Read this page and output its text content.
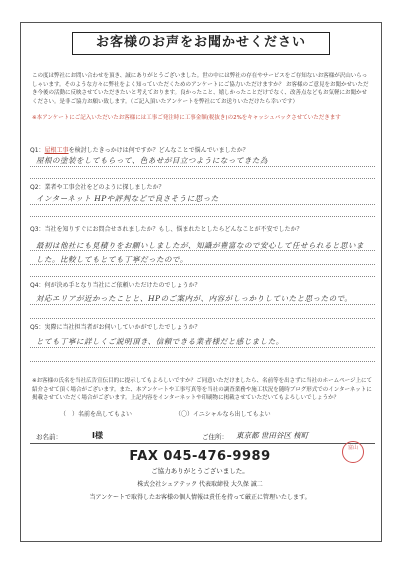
お客様のお声をお聞かせください
この度は弊社にお問い合わせを頂き、誠にありがとうございました。世の中には弊社の存在やサービスをご存知ないお客様が沢山いらっしゃいます。そのような方々に弊社をよく知っていただくためのアンケートにご協力いただけますか？ お客様のご意見をお聞かせいただき今後の活動に反映させていただきたいと考えております。良かったこと、嬉しかったことだけでなく、改善点などもお気軽にお聞かせください。是非ご協力お願い致します。（ご記入頂いたアンケートを弊社にてお送りいただけたら幸いです）
※本アンケートにご記入いただいたお客様には工事ご発注時に工事金額(税抜き)の2%をキャッシュバックさせていただきます
Q1：屋根工事を検討したきっかけは何ですか？どんなことで悩んでいましたか？
屋根の塗装をしてもらって、色あせが目立つようになってきた為
Q2：業者や工事会社をどのように探しましたか？
インターネット HPや評判などで良さそうに思った
Q3：当社を知りすぐにお問合せされましたか？もし、悩まれたとしたらどんなことが不安でしたか？
最初は他社にも見積りをお願いしましたが、知識が豊富なので安心して任せられると思いました。比較してもとても丁寧だったので。
Q4：何が決め手となり当社にご依頼いただけたのでしょうか？
対応エリアが近かったことと、HPのご案内が、内容がしっかりしていたと思ったので。
Q5：実際に当社担当者がお伺いしていかがでしたでしょうか？
とても丁寧に詳しくご説明頂き、信頼できる業者様だと感じました。
※お客様の氏名を当社広告宣伝目的に提示してもよろしいですか？ご同意いただけましたら、名前等を出さずに当社のホームページ上にて紹介させて頂く場合がございます。また、本アンケートや工事写真等を当社の調査業務や施工状況を随時ブログ形式でのインターネットに掲載させていただく場合がございます。上記内容をインターネットや印刷物に掲載させていただいてもよろしいでしょうか？
（　）名前を出してもよい	（〇）イニシャルなら出してもよい
お名前：	I様	ご住所： 東京都 世田谷区 桜町
富山
FAX 045-476-9989
ご協力ありがとうございました。
株式会社シェアテック 代表取締役 大久保 誠二
当アンケートで取得したお客様の個人情報は責任を持って厳正に管理いたします。
